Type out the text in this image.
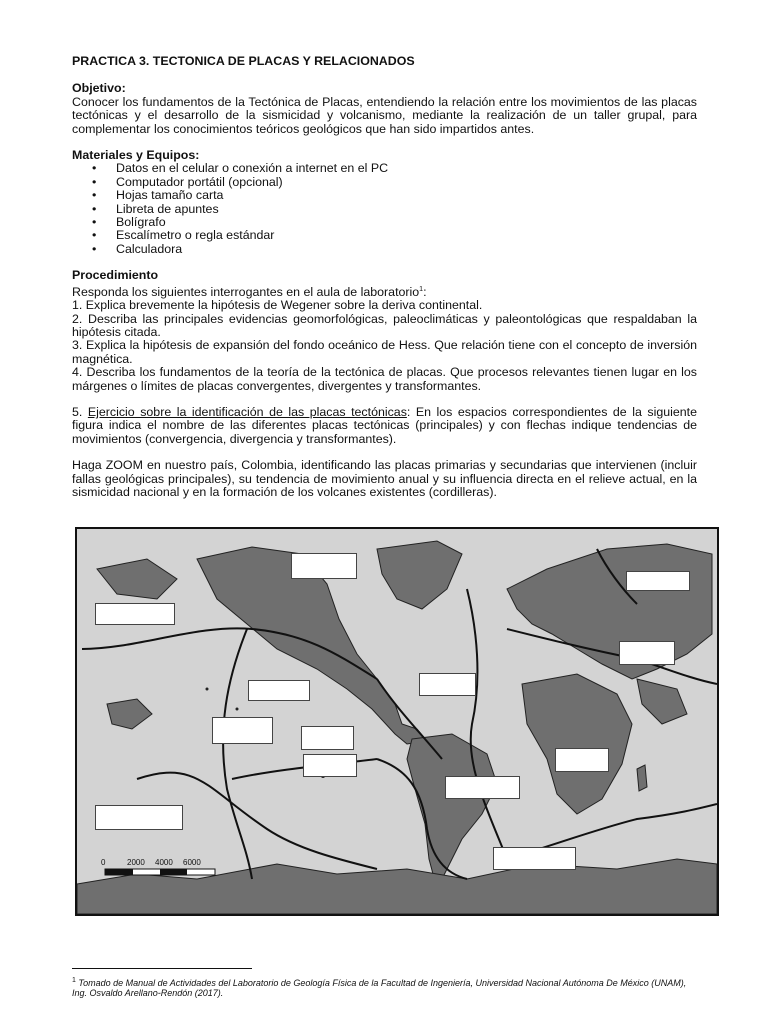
PRACTICA 3. TECTONICA DE PLACAS Y RELACIONADOS

Objetivo:

Conocer los fundamentos de la Tectónica de Placas, entendiendo la relación entre los movimientos de las placas tectónicas y el desarrollo de la sismicidad y volcanismo, mediante la realización de un taller grupal, para complementar los conocimientos teóricos geológicos que han sido impartidos antes.

Materiales y Equipos:

• Datos en el celular o conexión a internet en el PC
• Computador portátil (opcional)
• Hojas tamaño carta
• Libreta de apuntes
• Bolígrafo
• Escalímetro o regla estándar
• Calculadora

Procedimiento

Responda los siguientes interrogantes en el aula de laboratorio$^1$:

1. Explica brevemente la hipótesis de Wegener sobre la deriva continental.

2. Describa las principales evidencias geomorfológicas, paleoclimáticas y paleontológicas que respaldaban la hipótesis citada.

3. Explica la hipótesis de expansión del fondo oceánico de Hess. Que relación tiene con el concepto de inversión magnética.

4. Describa los fundamentos de la teoría de la tectónica de placas. Que procesos relevantes tienen lugar en los márgenes o límites de placas convergentes, divergentes y transformantes.

5. Ejercicio sobre la identificación de las placas tectónicas: En los espacios correspondientes de la siguiente figura indica el nombre de las diferentes placas tectónicas (principales) y con flechas indique tendencias de movimientos (convergencia, divergencia y transformantes).

Haga ZOOM en nuestro país, Colombia, identificando las placas primarias y secundarias que intervienen (incluir fallas geológicas principales), su tendencia de movimiento anual y su influencia directa en el relieve actual, en la sismicidad nacional y en la formación de los volcanes existentes (cordilleras).

0	2000 4000 6000
$^1$ Tomado de Manual de Actividades del Laboratorio de Geología Física de la Facultad de Ingeniería, Universidad Nacional Autónoma De México (UNAM), Ing. Osvaldo Arellano-Rendón (2017).
